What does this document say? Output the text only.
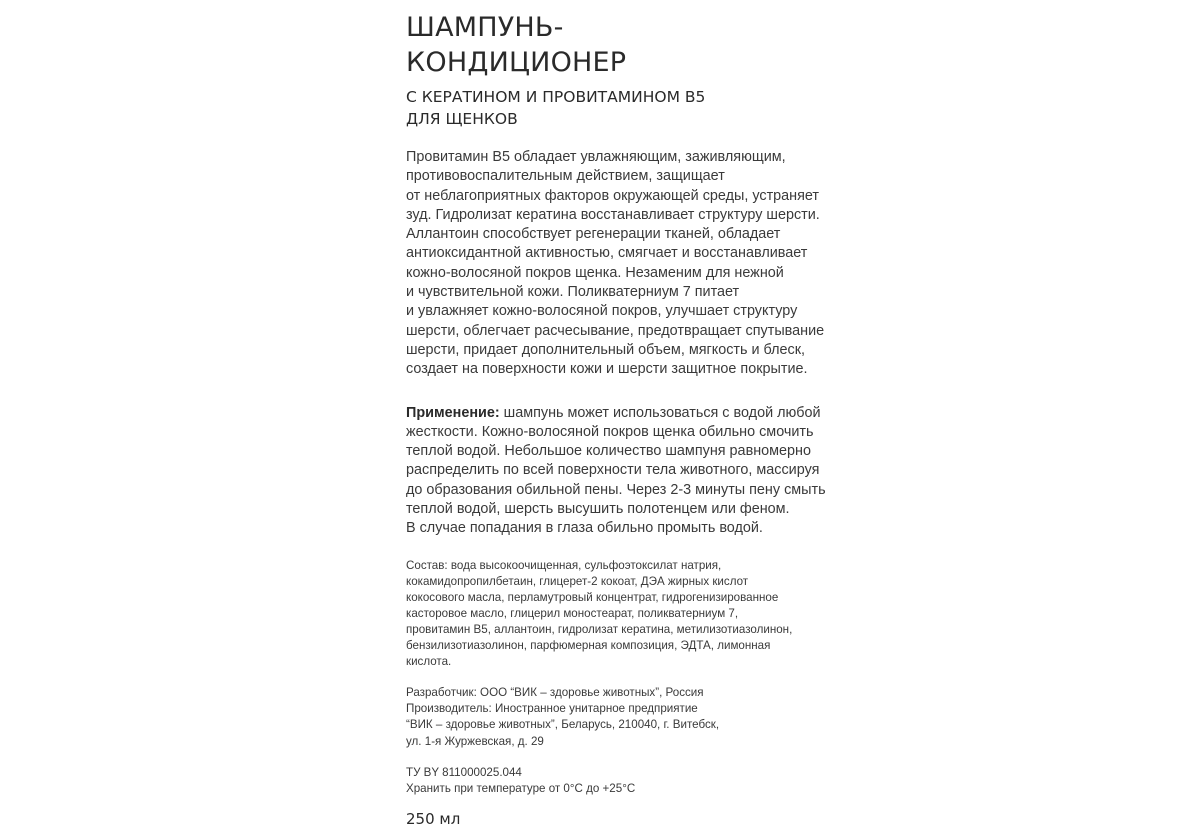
ШАМПУНЬ-
КОНДИЦИОНЕР
С КЕРАТИНОМ И ПРОВИТАМИНОМ В5
ДЛЯ ЩЕНКОВ
Провитамин В5 обладает увлажняющим, заживляющим,
противовоспалительным действием, защищает
от неблагоприятных факторов окружающей среды, устраняет
зуд. Гидролизат кератина восстанавливает структуру шерсти.
Аллантоин способствует регенерации тканей, обладает
антиоксидантной активностью, смягчает и восстанавливает
кожно-волосяной покров щенка. Незаменим для нежной
и чувствительной кожи. Поликватерниум 7 питает
и увлажняет кожно-волосяной покров, улучшает структуру
шерсти, облегчает расчесывание, предотвращает спутывание
шерсти, придает дополнительный объем, мягкость и блеск,
создает на поверхности кожи и шерсти защитное покрытие.
Применение: шампунь может использоваться с водой любой
жесткости. Кожно-волосяной покров щенка обильно смочить
теплой водой. Небольшое количество шампуня равномерно
распределить по всей поверхности тела животного, массируя
до образования обильной пены. Через 2-3 минуты пену смыть
теплой водой, шерсть высушить полотенцем или феном.
В случае попадания в глаза обильно промыть водой.
Состав: вода высокоочищенная, сульфоэтоксилат натрия,
кокамидопропилбетаин, глицерет-2 кокоат, ДЭА жирных кислот
кокосового масла, перламутровый концентрат, гидрогенизированное
касторовое масло, глицерил моностеарат, поликватерниум 7,
провитамин В5, аллантоин, гидролизат кератина, метилизотиазолинон,
бензилизотиазолинон, парфюмерная композиция, ЭДТА, лимонная
кислота.
Разработчик: ООО “ВИК – здоровье животных”, Россия
Производитель: Иностранное унитарное предприятие
“ВИК – здоровье животных”, Беларусь, 210040, г. Витебск,
ул. 1-я Журжевская, д. 29
ТУ BY 811000025.044
Хранить при температуре от 0°С до +25°С
250 мл
